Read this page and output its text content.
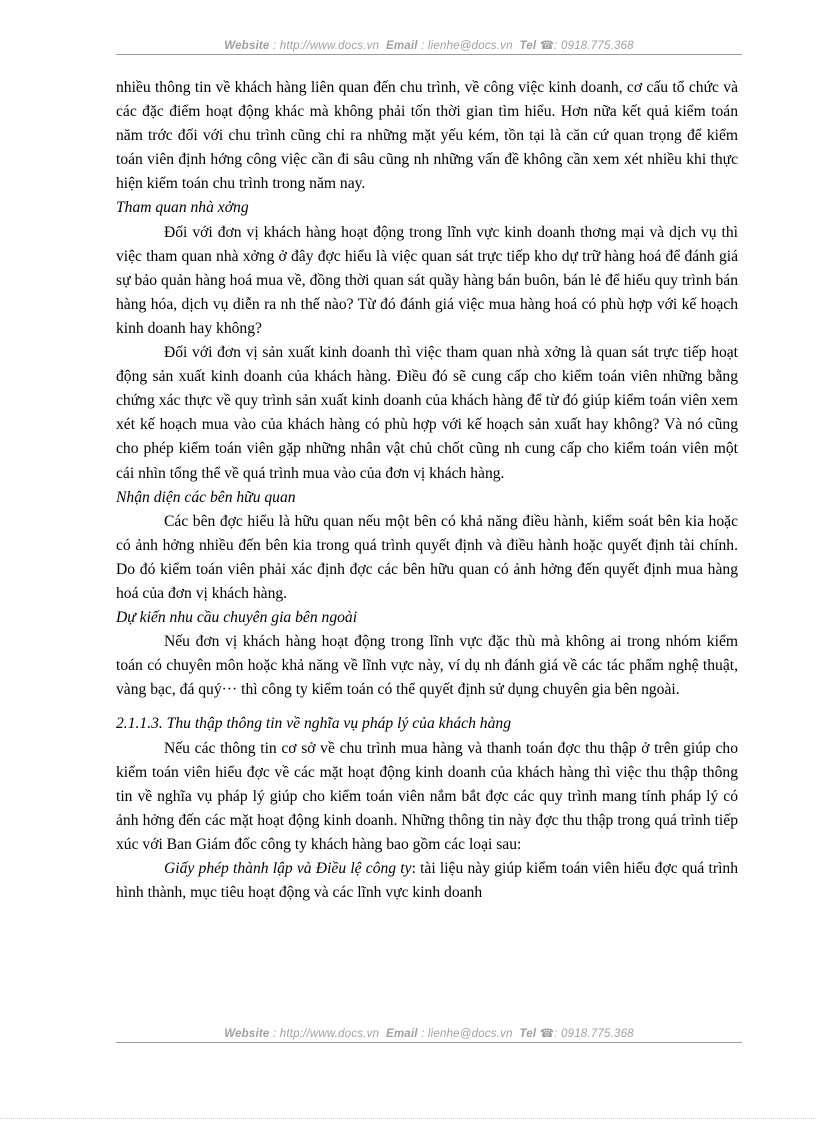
Website : http://www.docs.vn Email : lienhe@docs.vn Tel ☎: 0918.775.368

nhiều thông tin về khách hàng liên quan đến chu trình, về công việc kinh doanh, cơ cấu tổ chức và các đặc điểm hoạt động khác mà không phải tốn thời gian tìm hiểu. Hơn nữa kết quả kiểm toán năm trớc đối với chu trình cũng chỉ ra những mặt yếu kém, tồn tại là căn cứ quan trọng để kiểm toán viên định hớng công việc cần đi sâu cũng nh những vấn đề không cần xem xét nhiều khi thực hiện kiểm toán chu trình trong năm nay.

Tham quan nhà xởng

Đối với đơn vị khách hàng hoạt động trong lĩnh vực kinh doanh thơng mại và dịch vụ thì việc tham quan nhà xởng ở đây đợc hiểu là việc quan sát trực tiếp kho dự trữ hàng hoá để đánh giá sự bảo quản hàng hoá mua về, đồng thời quan sát quầy hàng bán buôn, bán lẻ để hiểu quy trình bán hàng hóa, dịch vụ diễn ra nh thế nào? Từ đó đánh giá việc mua hàng hoá có phù hợp với kế hoạch kinh doanh hay không?

Đối với đơn vị sản xuất kinh doanh thì việc tham quan nhà xởng là quan sát trực tiếp hoạt động sản xuất kinh doanh của khách hàng. Điều đó sẽ cung cấp cho kiểm toán viên những bằng chứng xác thực về quy trình sản xuất kinh doanh của khách hàng để từ đó giúp kiểm toán viên xem xét kế hoạch mua vào của khách hàng có phù hợp với kế hoạch sản xuất hay không? Và nó cũng cho phép kiểm toán viên gặp những nhân vật chủ chốt cũng nh cung cấp cho kiểm toán viên một cái nhìn tổng thể về quá trình mua vào của đơn vị khách hàng.

Nhận diện các bên hữu quan

Các bên đợc hiểu là hữu quan nếu một bên có khả năng điều hành, kiểm soát bên kia hoặc có ảnh hởng nhiều đến bên kia trong quá trình quyết định và điều hành hoặc quyết định tài chính. Do đó kiểm toán viên phải xác định đợc các bên hữu quan có ảnh hởng đến quyết định mua hàng hoá của đơn vị khách hàng.

Dự kiến nhu cầu chuyên gia bên ngoài

Nếu đơn vị khách hàng hoạt động trong lĩnh vực đặc thù mà không ai trong nhóm kiểm toán có chuyên môn hoặc khả năng về lĩnh vực này, ví dụ nh đánh giá về các tác phẩm nghệ thuật, vàng bạc, đá quý··· thì công ty kiểm toán có thể quyết định sử dụng chuyên gia bên ngoài.

2.1.1.3. Thu thập thông tin về nghĩa vụ pháp lý của khách hàng

Nếu các thông tin cơ sở về chu trình mua hàng và thanh toán đợc thu thập ở trên giúp cho kiểm toán viên hiểu đợc về các mặt hoạt động kinh doanh của khách hàng thì việc thu thập thông tin về nghĩa vụ pháp lý giúp cho kiểm toán viên nắm bắt đợc các quy trình mang tính pháp lý có ảnh hởng đến các mặt hoạt động kinh doanh. Những thông tin này đợc thu thập trong quá trình tiếp xúc với Ban Giám đốc công ty khách hàng bao gồm các loại sau:

Giấy phép thành lập và Điều lệ công ty: tài liệu này giúp kiểm toán viên hiểu đợc quá trình hình thành, mục tiêu hoạt động và các lĩnh vực kinh doanh

Website : http://www.docs.vn Email : lienhe@docs.vn Tel ☎: 0918.775.368
